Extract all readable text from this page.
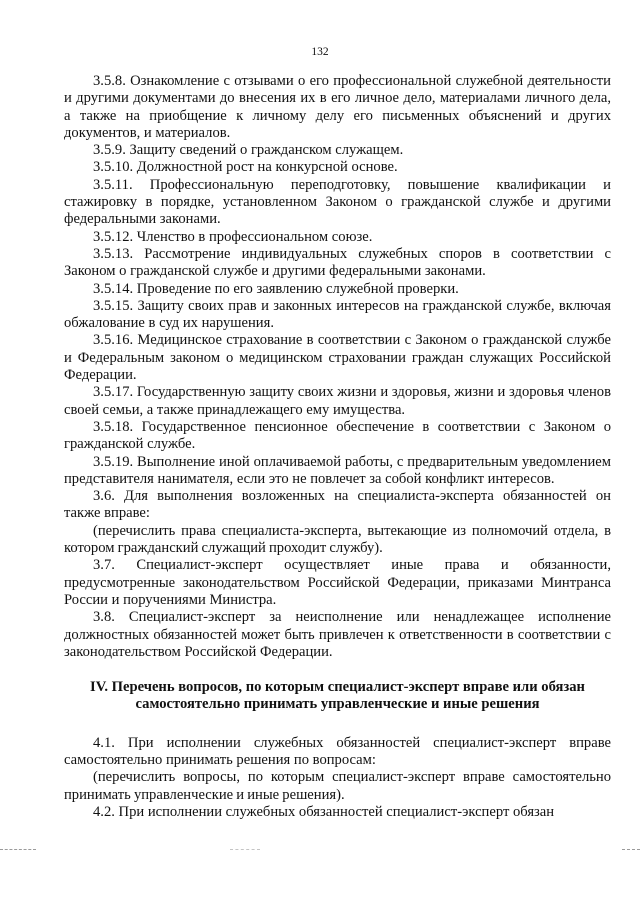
132

3.5.8. Ознакомление с отзывами о его профессиональной служебной деятельности и другими документами до внесения их в его личное дело, материалами личного дела, а также на приобщение к личному делу его письменных объяснений и других документов, и материалов.

3.5.9. Защиту сведений о гражданском служащем.

3.5.10. Должностной рост на конкурсной основе.

3.5.11. Профессиональную переподготовку, повышение квалификации и стажировку в порядке, установленном Законом о гражданской службе и другими федеральными законами.

3.5.12. Членство в профессиональном союзе.

3.5.13. Рассмотрение индивидуальных служебных споров в соответствии с Законом о гражданской службе и другими федеральными законами.

3.5.14. Проведение по его заявлению служебной проверки.

3.5.15. Защиту своих прав и законных интересов на гражданской службе, включая обжалование в суд их нарушения.

3.5.16. Медицинское страхование в соответствии с Законом о гражданской службе и Федеральным законом о медицинском страховании граждан служащих Российской Федерации.

3.5.17. Государственную защиту своих жизни и здоровья, жизни и здоровья членов своей семьи, а также принадлежащего ему имущества.

3.5.18. Государственное пенсионное обеспечение в соответствии с Законом о гражданской службе.

3.5.19. Выполнение иной оплачиваемой работы, с предварительным уведомлением представителя нанимателя, если это не повлечет за собой конфликт интересов.

3.6. Для выполнения возложенных на специалиста-эксперта обязанностей он также вправе:

(перечислить права специалиста-эксперта, вытекающие из полномочий отдела, в котором гражданский служащий проходит службу).

3.7. Специалист-эксперт осуществляет иные права и обязанности, предусмотренные законодательством Российской Федерации, приказами Минтранса России и поручениями Министра.

3.8. Специалист-эксперт за неисполнение или ненадлежащее исполнение должностных обязанностей может быть привлечен к ответственности в соответствии с законодательством Российской Федерации.

IV. Перечень вопросов, по которым специалист-эксперт вправе или обязан самостоятельно принимать управленческие и иные решения

4.1. При исполнении служебных обязанностей специалист-эксперт вправе самостоятельно принимать решения по вопросам:

(перечислить вопросы, по которым специалист-эксперт вправе самостоятельно принимать управленческие и иные решения).

4.2. При исполнении служебных обязанностей специалист-эксперт обязан
